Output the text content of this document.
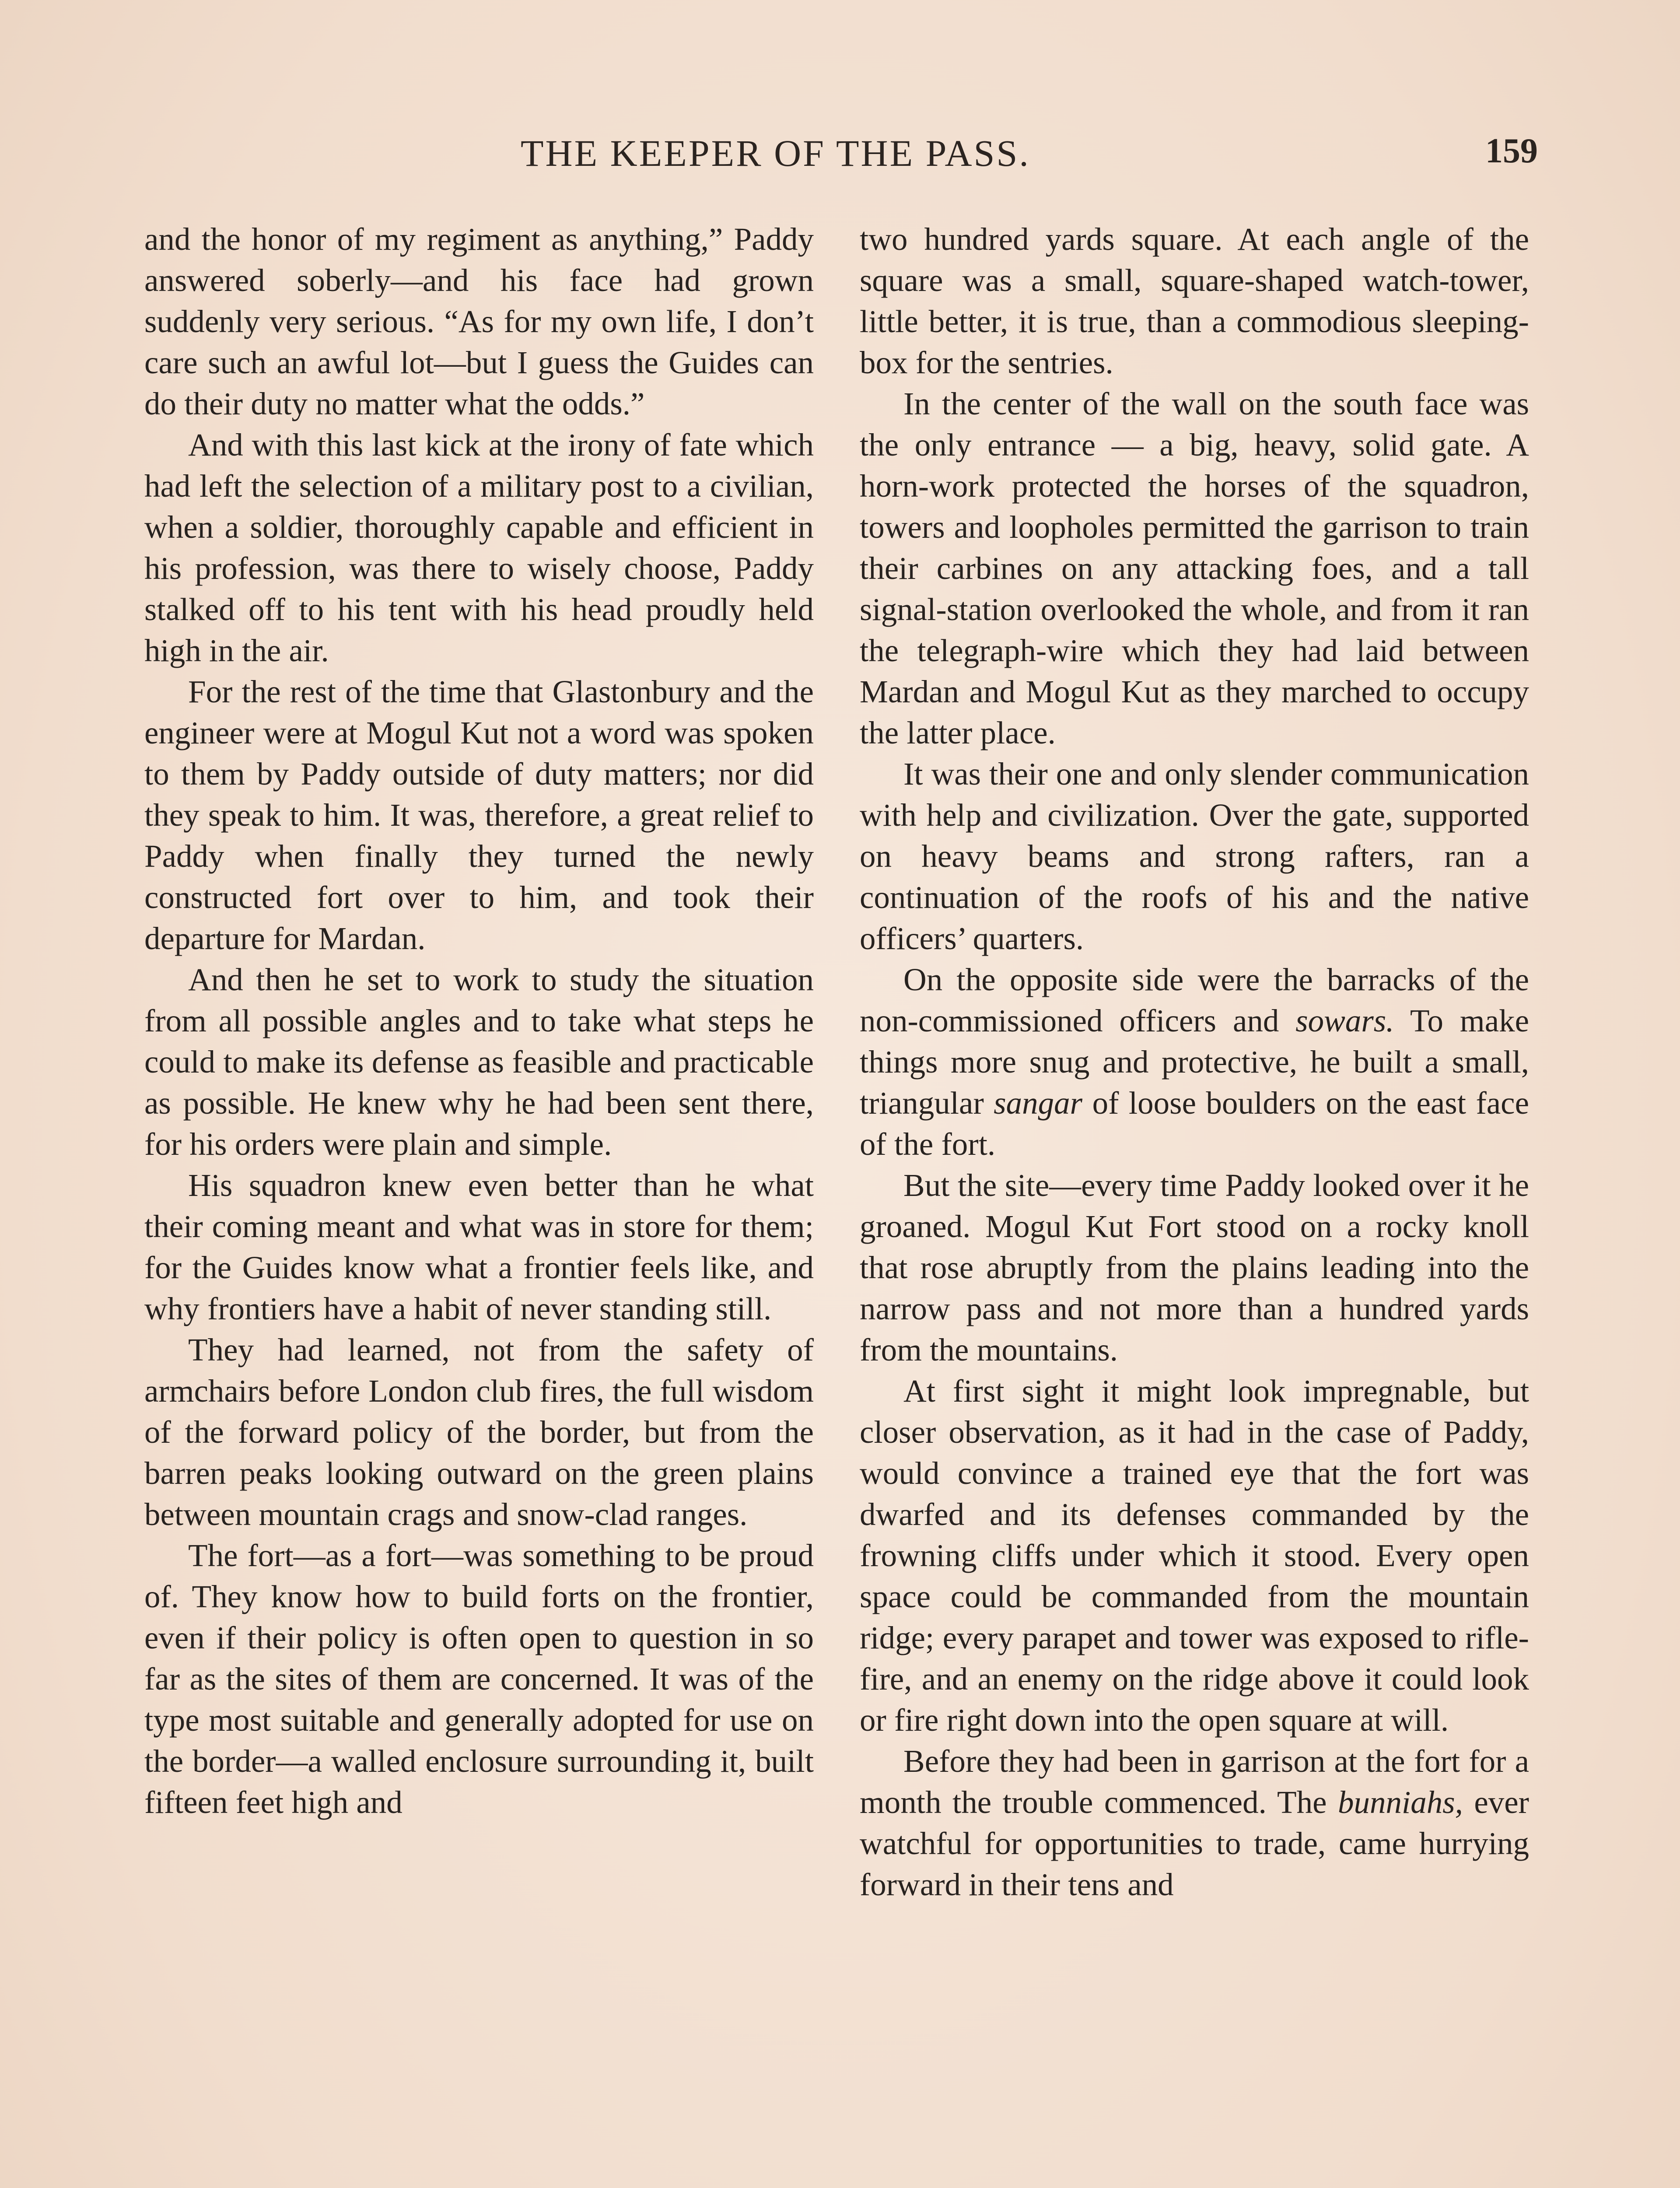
THE KEEPER OF THE PASS.	159

and the honor of my regiment as anything,” Paddy answered soberly—and his face had grown suddenly very serious. “As for my own life, I don’t care such an awful lot—but I guess the Guides can do their duty no matter what the odds.”

And with this last kick at the irony of fate which had left the selection of a military post to a civilian, when a soldier, thoroughly capable and efficient in his profession, was there to wisely choose, Paddy stalked off to his tent with his head proudly held high in the air.

For the rest of the time that Glastonbury and the engineer were at Mogul Kut not a word was spoken to them by Paddy outside of duty matters; nor did they speak to him. It was, therefore, a great relief to Paddy when finally they turned the newly constructed fort over to him, and took their departure for Mardan.

And then he set to work to study the situation from all possible angles and to take what steps he could to make its defense as feasible and practicable as possible. He knew why he had been sent there, for his orders were plain and simple.

His squadron knew even better than he what their coming meant and what was in store for them; for the Guides know what a frontier feels like, and why frontiers have a habit of never standing still.

They had learned, not from the safety of armchairs before London club fires, the full wisdom of the forward policy of the border, but from the barren peaks looking outward on the green plains between mountain crags and snow-clad ranges.

The fort—as a fort—was something to be proud of. They know how to build forts on the frontier, even if their policy is often open to question in so far as the sites of them are concerned. It was of the type most suitable and generally adopted for use on the border—a walled enclosure surrounding it, built fifteen feet high and

two hundred yards square. At each angle of the square was a small, square-shaped watch-tower, little better, it is true, than a commodious sleeping-box for the sentries.

In the center of the wall on the south face was the only entrance — a big, heavy, solid gate. A horn-work protected the horses of the squadron, towers and loopholes permitted the garrison to train their carbines on any attacking foes, and a tall signal-station overlooked the whole, and from it ran the telegraph-wire which they had laid between Mardan and Mogul Kut as they marched to occupy the latter place.

It was their one and only slender communication with help and civilization. Over the gate, supported on heavy beams and strong rafters, ran a continuation of the roofs of his and the native officers’ quarters.

On the opposite side were the barracks of the non-commissioned officers and sowars. To make things more snug and protective, he built a small, triangular sangar of loose boulders on the east face of the fort.

But the site—every time Paddy looked over it he groaned. Mogul Kut Fort stood on a rocky knoll that rose abruptly from the plains leading into the narrow pass and not more than a hundred yards from the mountains.

At first sight it might look impregnable, but closer observation, as it had in the case of Paddy, would convince a trained eye that the fort was dwarfed and its defenses commanded by the frowning cliffs under which it stood. Every open space could be commanded from the mountain ridge; every parapet and tower was exposed to rifle-fire, and an enemy on the ridge above it could look or fire right down into the open square at will.

Before they had been in garrison at the fort for a month the trouble commenced. The bunniahs, ever watchful for opportunities to trade, came hurrying forward in their tens and
